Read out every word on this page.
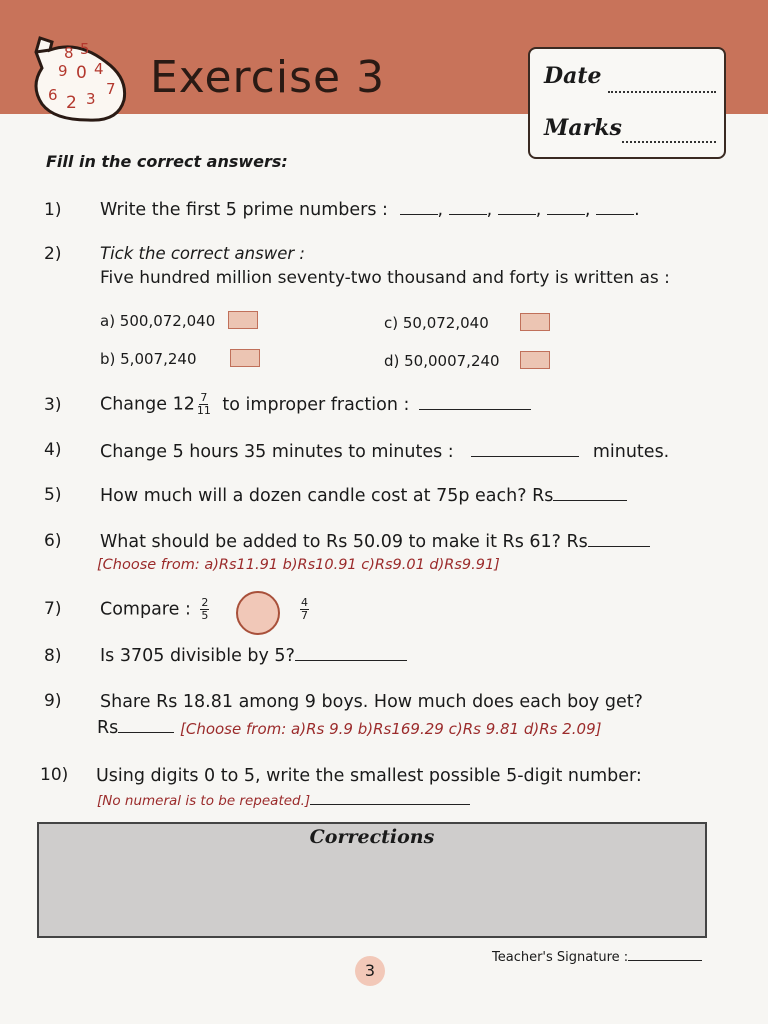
8 5
9 0 4
6 2 3
7 Exercise 3	Date
Marks
Fill in the correct answers:
1) Write the first 5 prime numbers :	, , , , .
2) Tick the correct answer :
Five hundred million seventy-two thousand and forty is written as :
a) 500,072,040
b) 5,007,240
c) 50,072,040
d) 50,0007,240
3) Change $12 \frac{7}{11}$ to improper fraction :
4) Change 5 hours 35 minutes to minutes :	minutes.
5) How much will a dozen candle cost at 75p each? Rs
6) What should be added to Rs 50.09 to make it Rs 61? Rs
[Choose from: a)Rs11.91 b)Rs10.91 c)Rs9.01 d)Rs9.91]
7) Compare : $\frac{2}{5}$	$\frac{4}{7}$
8) Is 3705 divisible by 5?
9) Share Rs 18.81 among 9 boys. How much does each boy get?
Rs	[Choose from: a)Rs 9.9 b)Rs169.29 c)Rs 9.81 d)Rs 2.09]
10) Using digits 0 to 5, write the smallest possible 5-digit number:
[No numeral is to be repeated.]
Corrections
Teacher's Signature :
3
